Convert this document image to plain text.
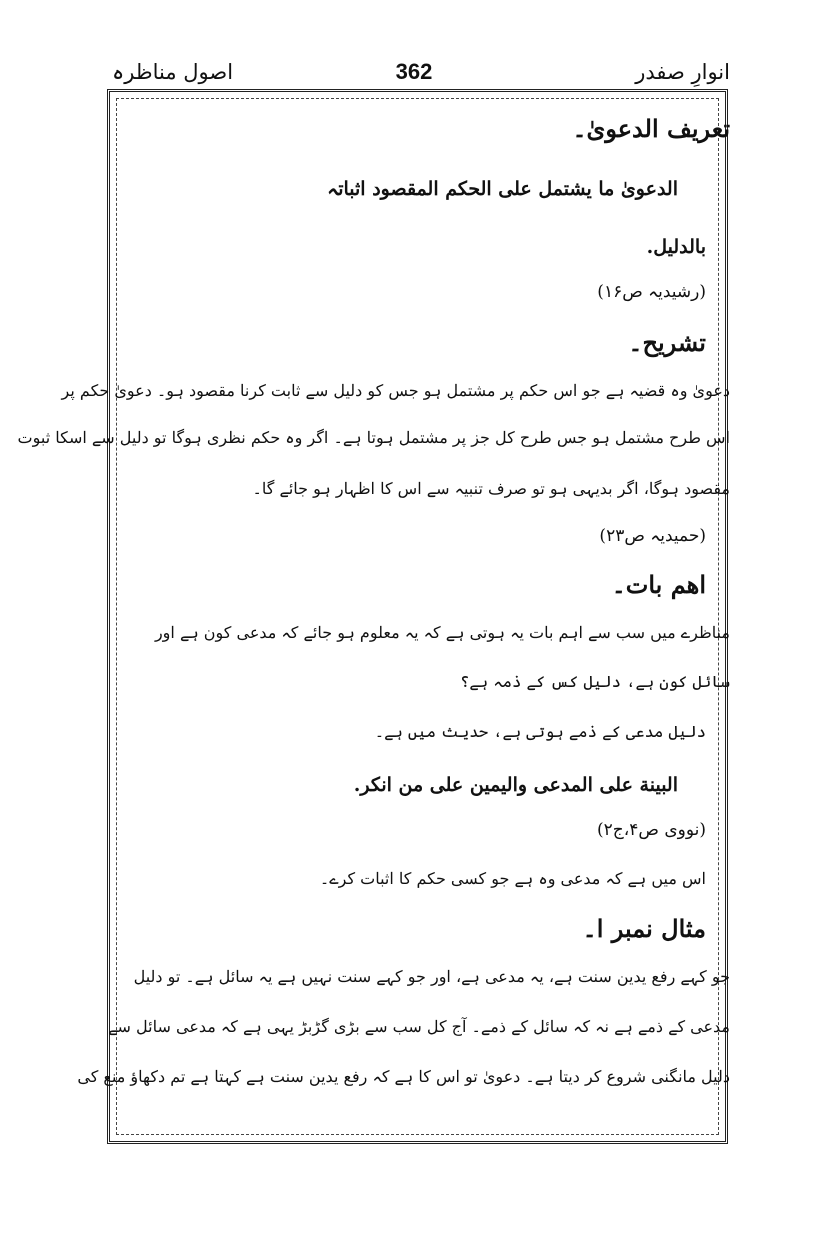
انوارِ صفدر
362
اصول مناظرہ
تعریف الدعویٰ۔
الدعویٰ ما یشتمل علی الحکم المقصود اثباتہ
بالدلیل.
(رشیدیہ ص۱۶)
تشریح۔
دعویٰ وہ قضیہ ہے جو اس حکم پر مشتمل ہو جس کو دلیل سے ثابت کرنا مقصود ہو۔ دعویٰ حکم پر
اس طرح مشتمل ہو جس طرح کل جز پر مشتمل ہوتا ہے۔ اگر وہ حکم نظری ہوگا تو دلیل سے اسکا ثبوت
مقصود ہوگا، اگر بدیہی ہو تو صرف تنبیہ سے اس کا اظہار ہو جائے گا۔
(حمیدیہ ص۲۳)
اھم بات۔
مناظرے میں سب سے اہم بات یہ ہوتی ہے کہ یہ معلوم ہو جائے کہ مدعی کون ہے اور
سائل کون ہے، دلیل کس کے ذمہ ہے؟
دلیل مدعی کے ذمے ہوتی ہے، حدیث میں ہے۔
البینة علی المدعی والیمین علی من انکر.
(نووی ص۴،ج۲)
اس میں ہے کہ مدعی وہ ہے جو کسی حکم کا اثبات کرے۔
مثال نمبر ا۔
جو کہے رفع یدین سنت ہے، یہ مدعی ہے، اور جو کہے سنت نہیں ہے یہ سائل ہے۔ تو دلیل
مدعی کے ذمے ہے نہ کہ سائل کے ذمے۔ آج کل سب سے بڑی گڑبڑ یہی ہے کہ مدعی سائل سے
دلیل مانگنی شروع کر دیتا ہے۔ دعویٰ تو اس کا ہے کہ رفع یدین سنت ہے کہتا ہے تم دکھاؤ منع کی
